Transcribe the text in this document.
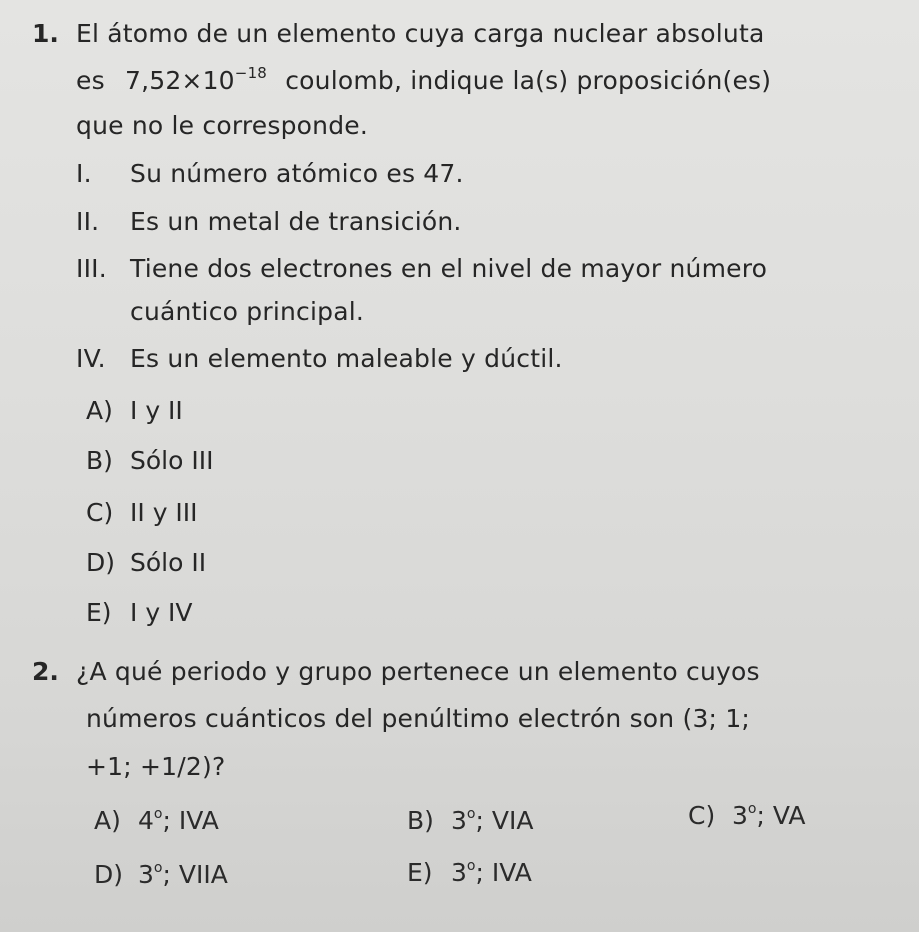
1. El átomo de un elemento cuya carga nuclear absoluta
es $7,52\times 10^{-18}$ coulomb, indique la(s) proposición(es)
que no le corresponde.
I. Su número atómico es 47.
II. Es un metal de transición.
III. Tiene dos electrones en el nivel de mayor número
cuántico principal.
IV. Es un elemento maleable y dúctil.
A) I y II
B) Sólo III
C) II y III
D) Sólo II
E) I y IV
2. ¿A qué periodo y grupo pertenece un elemento cuyos
números cuánticos del penúltimo electrón son (3; 1;
+1; +1/2)?
A) 4$^o$; IVA	B) 3$^o$; VIA	C) 3$^o$; VA
D) 3$^o$; VIIA	E) 3$^o$; IVA
